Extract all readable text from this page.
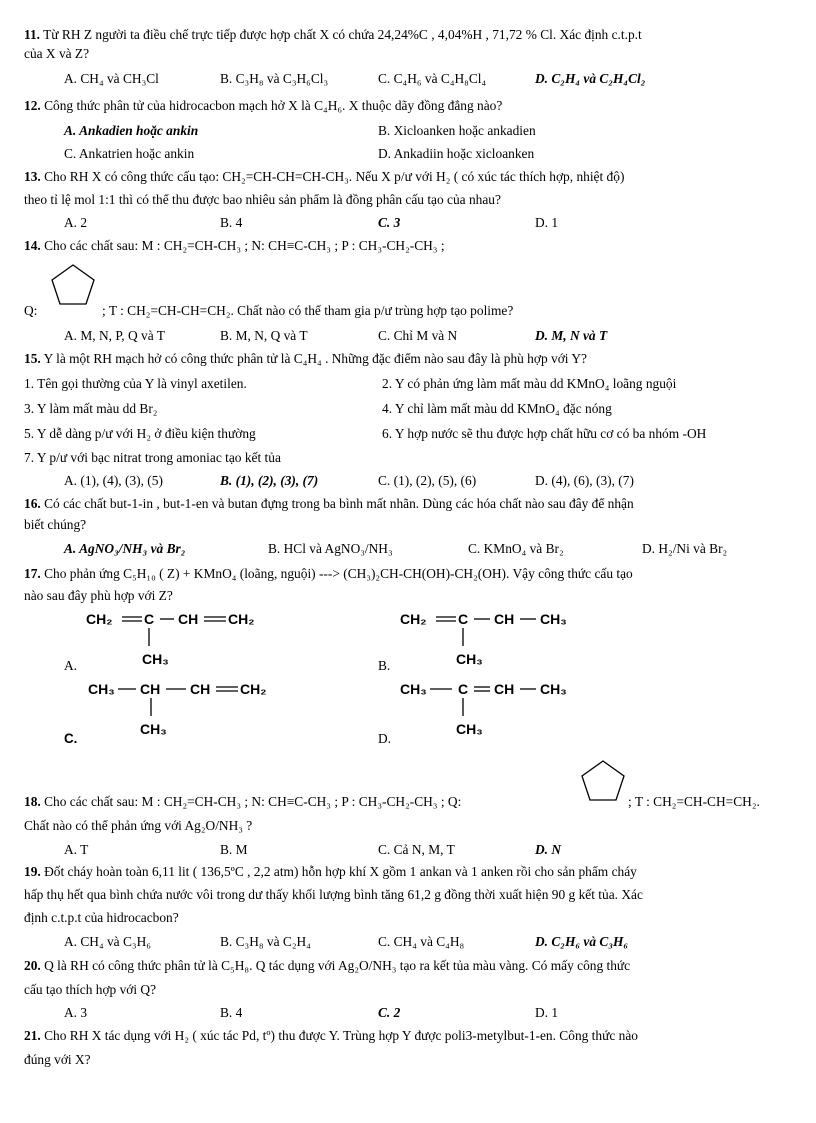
11. Từ RH Z người ta điều chế trực tiếp được hợp chất X có chứa 24,24%C , 4,04%H , 71,72 % Cl. Xác định c.t.p.t
của X và Z?
A. CH₄ và CH₃Cl	B. C₃H₈ và C₃H₆Cl₃	C. C₄H₆ và C₄H₈Cl₄	D. C₂H₄ và C₂H₄Cl₂
12. Công thức phân tử của hidrocacbon mạch hở X là C₄H₆. X thuộc dãy đồng đẳng nào?
A. Ankadien hoặc ankin	B. Xicloanken hoặc ankadien
C. Ankatrien hoặc ankin	D. Ankadiin hoặc xicloanken
13. Cho RH X có công thức cấu tạo: CH₂=CH-CH=CH-CH₃. Nếu X p/ư với H₂ ( có xúc tác thích hợp, nhiệt độ)
theo tỉ lệ mol 1:1 thì có thể thu được bao nhiêu sản phẩm là đồng phân cấu tạo của nhau?
A. 2	B. 4	C. 3	D. 1
14. Cho các chất sau: M : CH₂=CH-CH₃ ; N: CH≡C-CH₃ ; P : CH₃-CH₂-CH₃ ;
Q:	; T : CH₂=CH-CH=CH₂. Chất nào có thể tham gia p/ư trùng hợp tạo polime?
A. M, N, P, Q và T	B. M, N, Q và T	C. Chỉ M và N	D. M, N và T
15. Y là một RH mạch hở có công thức phân tử là C₄H₄ . Những đặc điểm nào sau đây là phù hợp với Y?
1. Tên gọi thường của Y là vinyl axetilen.	2. Y có phản ứng làm mất màu dd KMnO₄ loãng nguội
3. Y làm mất màu dd Br₂	4. Y chỉ làm mất màu dd KMnO₄ đặc nóng
5. Y dễ dàng p/ư với H₂ ở điều kiện thường	6. Y hợp nước sẽ thu được hợp chất hữu cơ có ba nhóm -OH
7. Y p/ư với bạc nitrat trong amoniac tạo kết tủa
A. (1), (4), (3), (5)	B. (1), (2), (3), (7)	C. (1), (2), (5), (6)	D. (4), (6), (3), (7)
16. Có các chất but-1-in , but-1-en và butan đựng trong ba bình mất nhãn. Dùng các hóa chất nào sau đây để nhận
biết chúng?
A. AgNO₃/NH₃ và Br₂	B. HCl và AgNO₃/NH₃	C. KMnO₄ và Br₂	D. H₂/Ni và Br₂
17. Cho phản ứng C₅H₁₀ ( Z) + KMnO₄ (loãng, nguội) ---> (CH₃)₂CH-CH(OH)-CH₂(OH). Vậy công thức cấu tạo
nào sau đây phù hợp với Z?
CH₂ C CH CH₂
CH₃
A.
CH₂ C CH CH₃
CH₃
B.
CH₃ CH CH CH₂
CH₃
C.
CH₃ C CH CH₃
CH₃
D.
18. Cho các chất sau: M : CH₂=CH-CH₃ ; N: CH≡C-CH₃ ; P : CH₃-CH₂-CH₃ ; Q:	; T : CH₂=CH-CH=CH₂.
Chất nào có thể phản ứng với Ag₂O/NH₃ ?
A. T	B. M	C. Cả N, M, T	D. N
19. Đốt cháy hoàn toàn 6,11 lit ( 136,5ºC , 2,2 atm) hỗn hợp khí X gồm 1 ankan và 1 anken rồi cho sản phẩm cháy
hấp thụ hết qua bình chứa nước vôi trong dư thấy khối lượng bình tăng 61,2 g đồng thời xuất hiện 90 g kết tủa. Xác
định c.t.p.t của hidrocacbon?
A. CH₄ và C₃H₆	B. C₃H₈ và C₂H₄	C. CH₄ và C₄H₈	D. C₂H₆ và C₃H₆
20. Q là RH có công thức phân tử là C₅H₈. Q tác dụng với Ag₂O/NH₃ tạo ra kết tủa màu vàng. Có mấy công thức
cấu tạo thích hợp với Q?
A. 3	B. 4	C. 2	D. 1
21. Cho RH X tác dụng với H₂ ( xúc tác Pd, tº) thu được Y. Trùng hợp Y được poli3-metylbut-1-en. Công thức nào
đúng với X?
